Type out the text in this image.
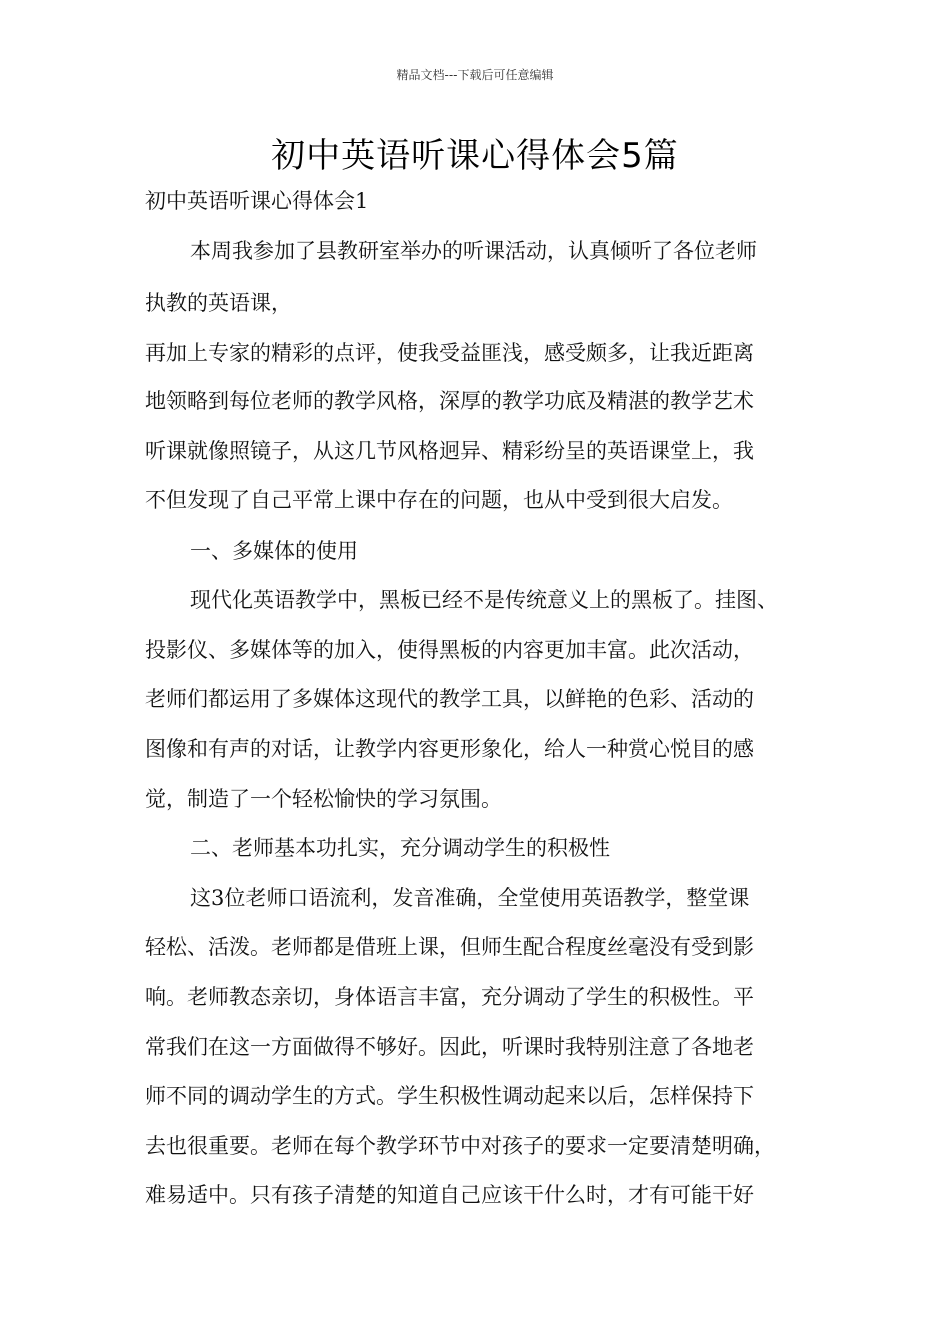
精品文档---下载后可任意编辑
初中英语听课心得体会5篇
初中英语听课心得体会1
本周我参加了县教研室举办的听课活动，认真倾听了各位老师
执教的英语课，
再加上专家的精彩的点评，使我受益匪浅，感受颇多，让我近距离
地领略到每位老师的教学风格，深厚的教学功底及精湛的教学艺术
听课就像照镜子，从这几节风格迥异、精彩纷呈的英语课堂上，我
不但发现了自己平常上课中存在的问题，也从中受到很大启发。
一、多媒体的使用
现代化英语教学中，黑板已经不是传统意义上的黑板了。挂图、
投影仪、多媒体等的加入，使得黑板的内容更加丰富。此次活动，
老师们都运用了多媒体这现代的教学工具，以鲜艳的色彩、活动的
图像和有声的对话，让教学内容更形象化，给人一种赏心悦目的感
觉，制造了一个轻松愉快的学习氛围。
二、老师基本功扎实，充分调动学生的积极性
这3位老师口语流利，发音准确，全堂使用英语教学，整堂课
轻松、活泼。老师都是借班上课，但师生配合程度丝毫没有受到影
响。老师教态亲切，身体语言丰富，充分调动了学生的积极性。平
常我们在这一方面做得不够好。因此，听课时我特别注意了各地老
师不同的调动学生的方式。学生积极性调动起来以后，怎样保持下
去也很重要。老师在每个教学环节中对孩子的要求一定要清楚明确，
难易适中。只有孩子清楚的知道自己应该干什么时，才有可能干好
